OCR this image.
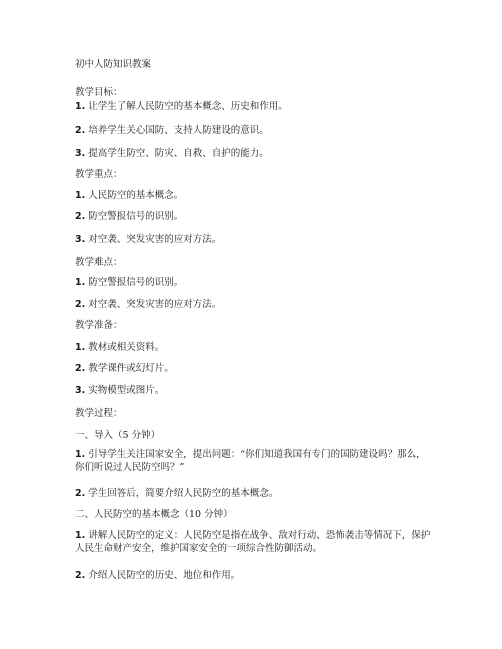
初中人防知识教案
教学目标：
1. 让学生了解人民防空的基本概念、历史和作用。
2. 培养学生关心国防、支持人防建设的意识。
3. 提高学生防空、防灾、自救、自护的能力。
教学重点：
1. 人民防空的基本概念。
2. 防空警报信号的识别。
3. 对空袭、突发灾害的应对方法。
教学难点：
1. 防空警报信号的识别。
2. 对空袭、突发灾害的应对方法。
教学准备：
1. 教材或相关资料。
2. 教学课件或幻灯片。
3. 实物模型或图片。
教学过程：
一、导入（5 分钟）
1. 引导学生关注国家安全，提出问题：“你们知道我国有专门的国防建设吗？那么，你们听说过人民防空吗？”
2. 学生回答后，简要介绍人民防空的基本概念。
二、人民防空的基本概念（10 分钟）
1. 讲解人民防空的定义：人民防空是指在战争、敌对行动、恐怖袭击等情况下，保护人民生命财产安全，维护国家安全的一项综合性防御活动。
2. 介绍人民防空的历史、地位和作用。
